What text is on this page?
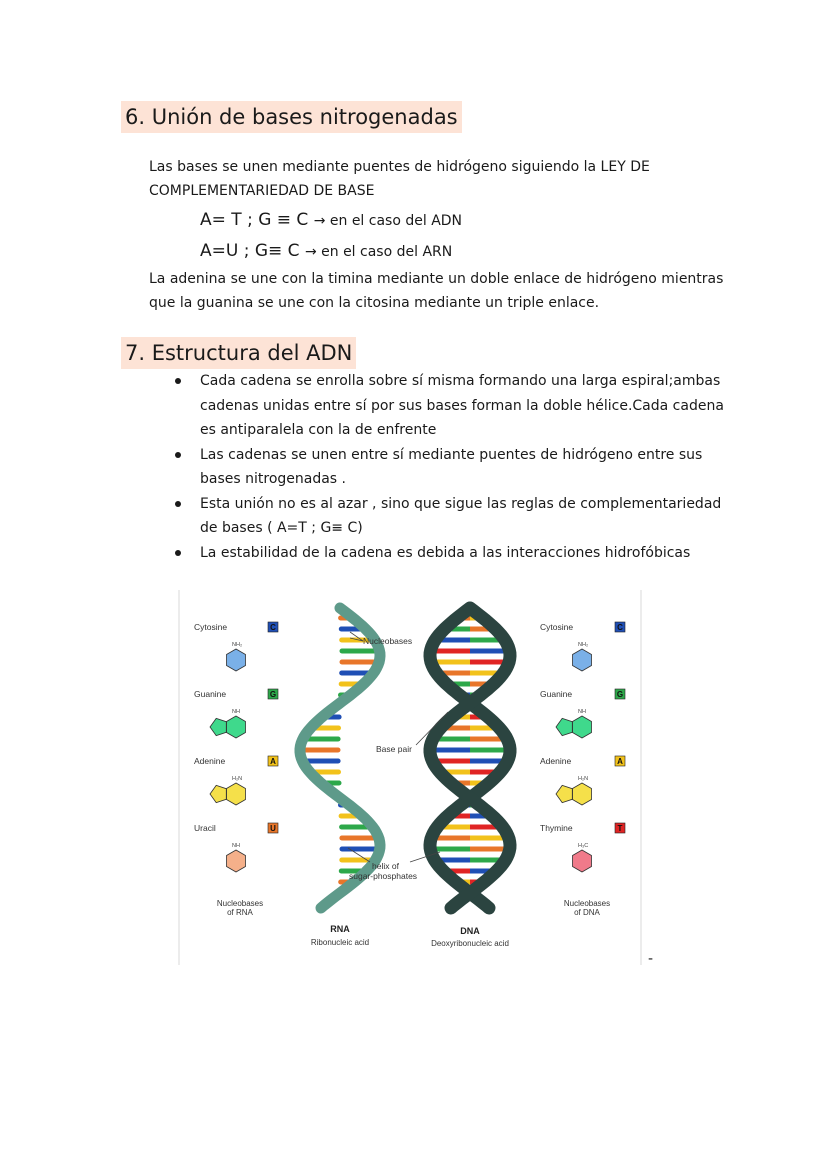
6. Unión de bases nitrogenadas

Las bases se unen mediante puentes de hidrógeno siguiendo la LEY DE
COMPLEMENTARIEDAD DE BASE

A= T ; G ≡ C → en el caso del ADN
A=U ; G≡ C → en el caso del ARN

La adenina se une con la timina mediante un doble enlace de hidrógeno mientras
que la guanina se une con la citosina mediante un triple enlace.

7. Estructura del ADN
Cada cadena se enrolla sobre sí misma formando una larga espiral;ambas
cadenas unidas entre sí por sus bases forman la doble hélice.Cada cadena
es antiparalela con la de enfrente
Las cadenas se unen entre sí mediante puentes de hidrógeno entre sus
bases nitrogenadas .
Esta unión no es al azar , sino que sigue las reglas de complementariedad
de bases ( A=T ; G≡ C)
La estabilidad de la cadena es debida a las interacciones hidrofóbicas
Nucleobases
Base pair
helix of
sugar-phosphates
RNA
Ribonucleic acid
DNA
Deoxyribonucleic acid
Nucleobases
of RNA
Nucleobases
of DNA
Cytosine	C
NH₂
Guanine	G
NH
Adenine	A
H₂N
Uracil	U
NH
Cytosine	C
NH₂
Guanine	G
NH
Adenine	A
H₂N
Thymine	T
H₃C
-
